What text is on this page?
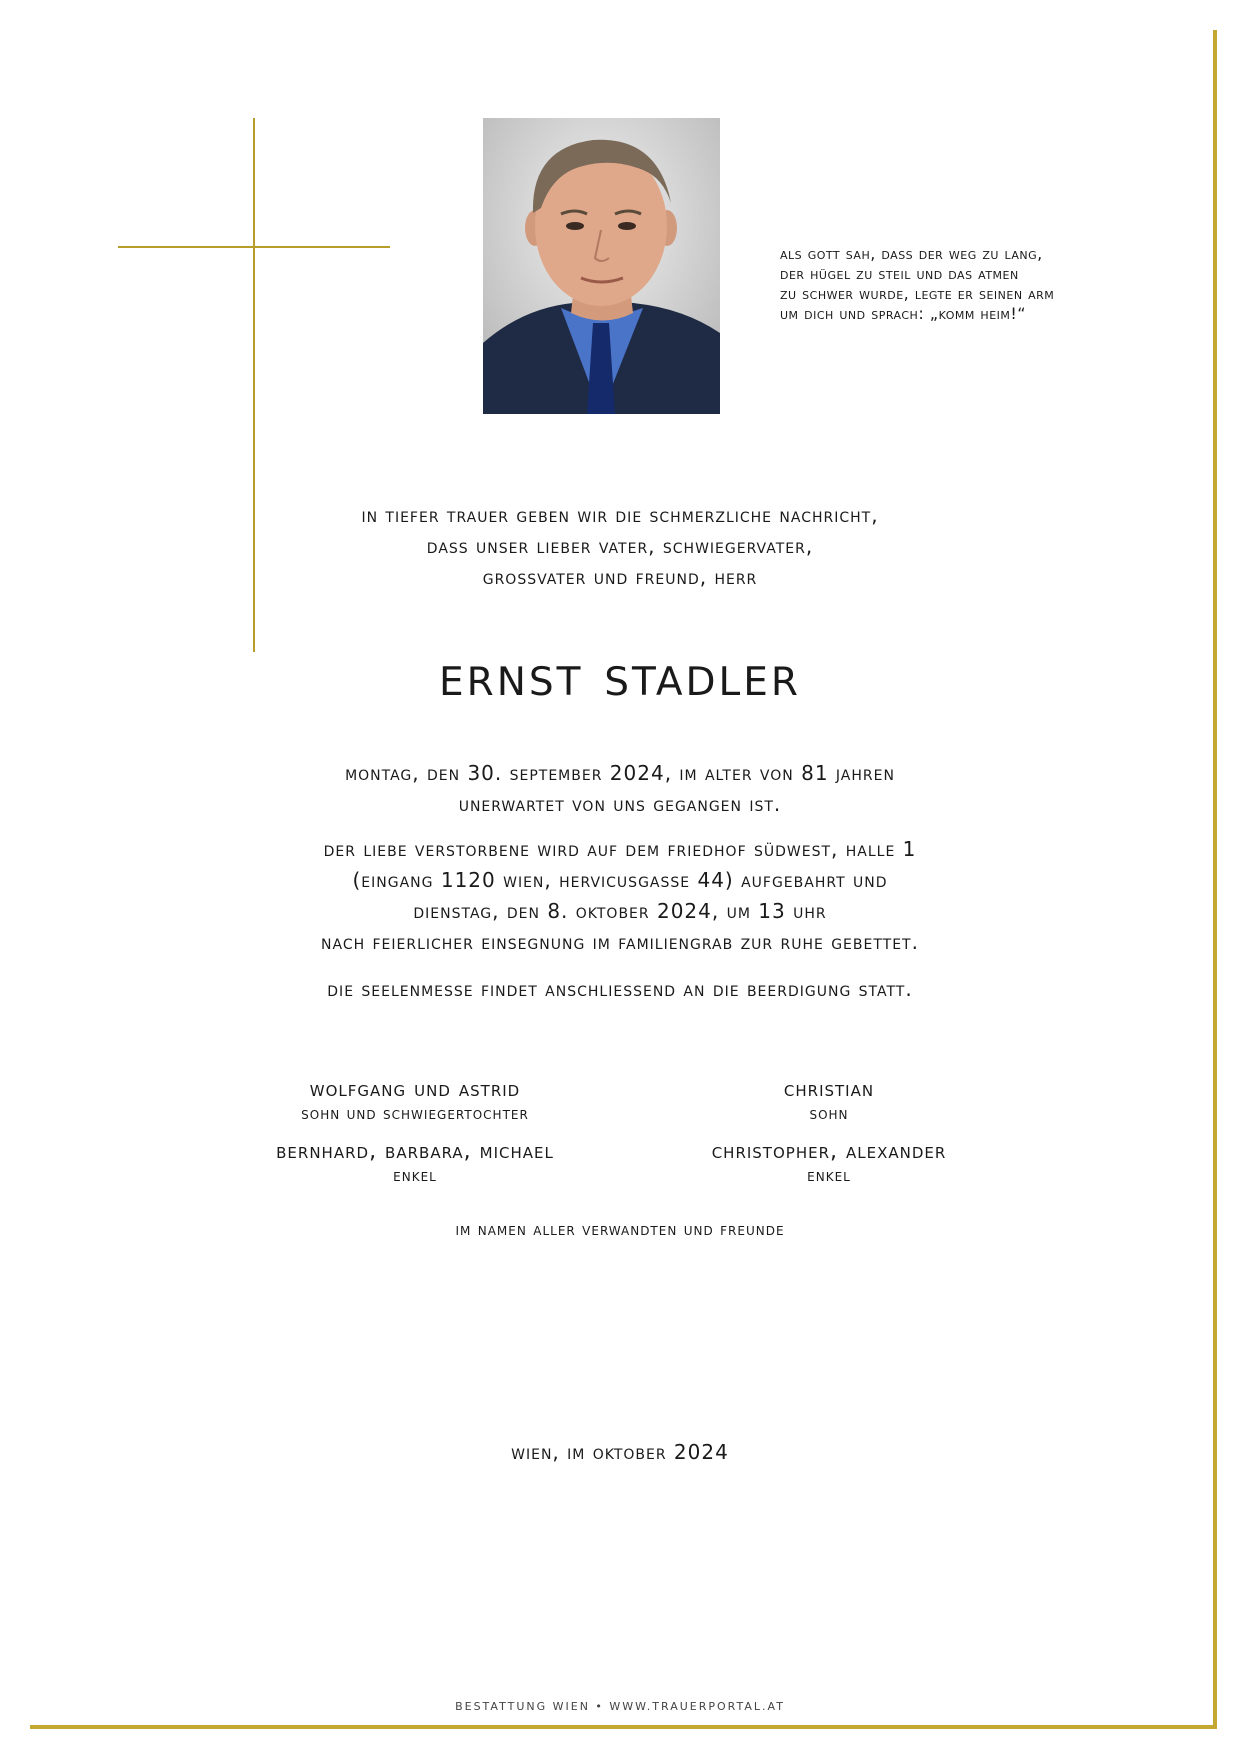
als gott sah, dass der weg zu lang,
der hügel zu steil und das atmen
zu schwer wurde, legte er seinen arm
um dich und sprach: „komm heim!“
in tiefer trauer geben wir die schmerzliche nachricht,
dass unser lieber vater, schwiegervater,
grossvater und freund, herr
ernst stadler
montag, den 30. september 2024, im alter von 81 jahren
unerwartet von uns gegangen ist.
der liebe verstorbene wird auf dem friedhof südwest, halle 1
(eingang 1120 wien, hervicusgasse 44) aufgebahrt und
dienstag, den 8. oktober 2024, um 13 uhr
nach feierlicher einsegnung im familiengrab zur ruhe gebettet.
die seelenmesse findet anschliessend an die beerdigung statt.
wolfgang und astrid
sohn und schwiegertochter
christian
sohn
bernhard, barbara, michael
enkel
christopher, alexander
enkel
im namen aller verwandten und freunde
wien, im oktober 2024
BESTATTUNG WIEN • WWW.TRAUERPORTAL.AT
